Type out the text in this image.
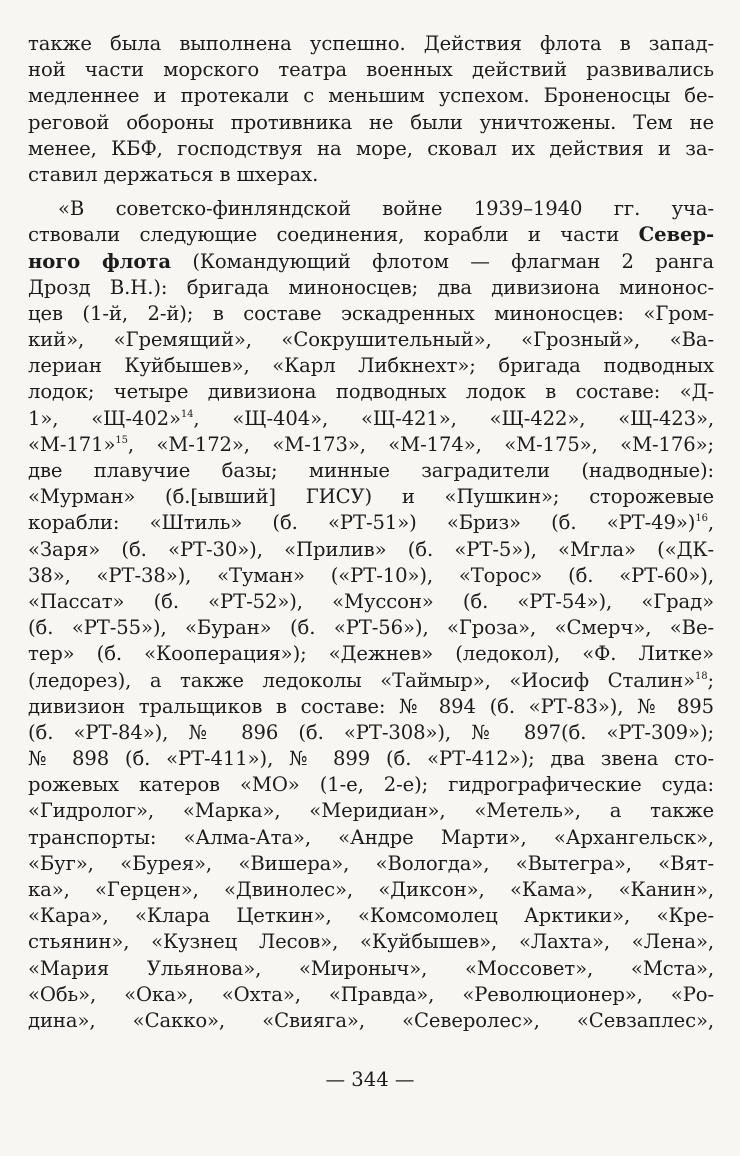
также была выполнена успешно. Действия флота в запад-
ной части морского театра военных действий развивались
медленнее и протекали с меньшим успехом. Броненосцы бе-
реговой обороны противника не были уничтожены. Тем не
менее, КБФ, господствуя на море, сковал их действия и за-
ставил держаться в шхерах.
«В советско-финляндской войне 1939–1940 гг. уча-
ствовали следующие соединения, корабли и части Север-
ного флота (Командующий флотом — флагман 2 ранга
Дрозд В.Н.): бригада миноносцев; два дивизиона минонос-
цев (1-й, 2-й); в составе эскадренных миноносцев: «Гром-
кий», «Гремящий», «Сокрушительный», «Грозный», «Ва-
лериан Куйбышев», «Карл Либкнехт»; бригада подводных
лодок; четыре дивизиона подводных лодок в составе: «Д-
1», «Щ-402»$^{14}$, «Щ-404», «Щ-421», «Щ-422», «Щ-423»,
«М-171»$^{15}$, «М-172», «М-173», «М-174», «М-175», «М-176»;
две плавучие базы; минные заградители (надводные):
«Мурман» (б.[ывший] ГИСУ) и «Пушкин»; сторожевые
корабли: «Штиль» (б. «РТ-51») «Бриз» (б. «РТ-49»)$^{16}$,
«Заря» (б. «РТ-30»), «Прилив» (б. «РТ-5»), «Мгла» («ДК-
38», «РТ-38»), «Туман» («РТ-10»), «Торос» (б. «РТ-60»),
«Пассат» (б. «РТ-52»), «Муссон» (б. «РТ-54»), «Град»
(б. «РТ-55»), «Буран» (б. «РТ-56»), «Гроза», «Смерч», «Ве-
тер» (б. «Кооперация»); «Дежнев» (ледокол), «Ф. Литке»
(ледорез), а также ледоколы «Таймыр», «Иосиф Сталин»$^{18}$;
дивизион тральщиков в составе: № 894 (б. «РТ-83»), № 895
(б. «РТ-84»), № 896 (б. «РТ-308»), № 897(б. «РТ-309»);
№ 898 (б. «РТ-411»), № 899 (б. «РТ-412»); два звена сто-
рожевых катеров «МО» (1-е, 2-е); гидрографические суда:
«Гидролог», «Марка», «Меридиан», «Метель», а также
транспорты: «Алма-Ата», «Андре Марти», «Архангельск»,
«Буг», «Бурея», «Вишера», «Вологда», «Вытегра», «Вят-
ка», «Герцен», «Двинолес», «Диксон», «Кама», «Канин»,
«Кара», «Клара Цеткин», «Комсомолец Арктики», «Кре-
стьянин», «Кузнец Лесов», «Куйбышев», «Лахта», «Лена»,
«Мария Ульянова», «Мироныч», «Моссовет», «Мста»,
«Обь», «Ока», «Охта», «Правда», «Революционер», «Ро-
дина», «Сакко», «Свияга», «Северолес», «Севзаплес»,
— 344 —
